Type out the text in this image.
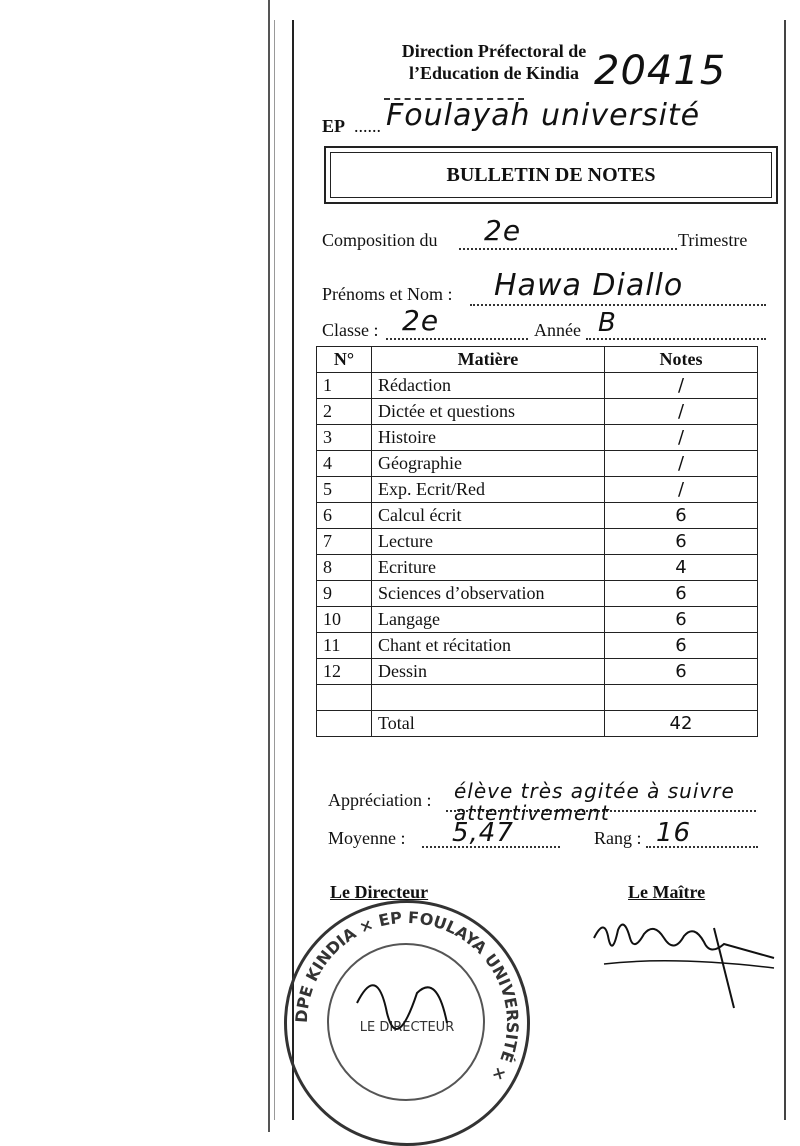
Direction Préfectoral de
l’Education de Kindia 20415
EP ...... Foulayah université
BULLETIN DE NOTES
Composition du 2e	Trimestre
Prénoms et Nom : Hawa Diallo
Classe : 2e	Année B
N°	Matière	Notes
1	Rédaction	/
2	Dictée et questions	/
3	Histoire	/
4	Géographie	/
5	Exp. Ecrit/Red	/
6	Calcul écrit	6
7	Lecture	6
8	Ecriture	4
9	Sciences d’observation	6
10	Langage	6
11	Chant et récitation	6
12	Dessin	6

	Total	42
Appréciation : élève très agitée à suivre attentivement
Moyenne : 5,47	Rang : 16
Le Directeur	Le Maître
DPE KINDIA × EP FOULAYA UNIVERSITÉ ×
LE DIRECTEUR
